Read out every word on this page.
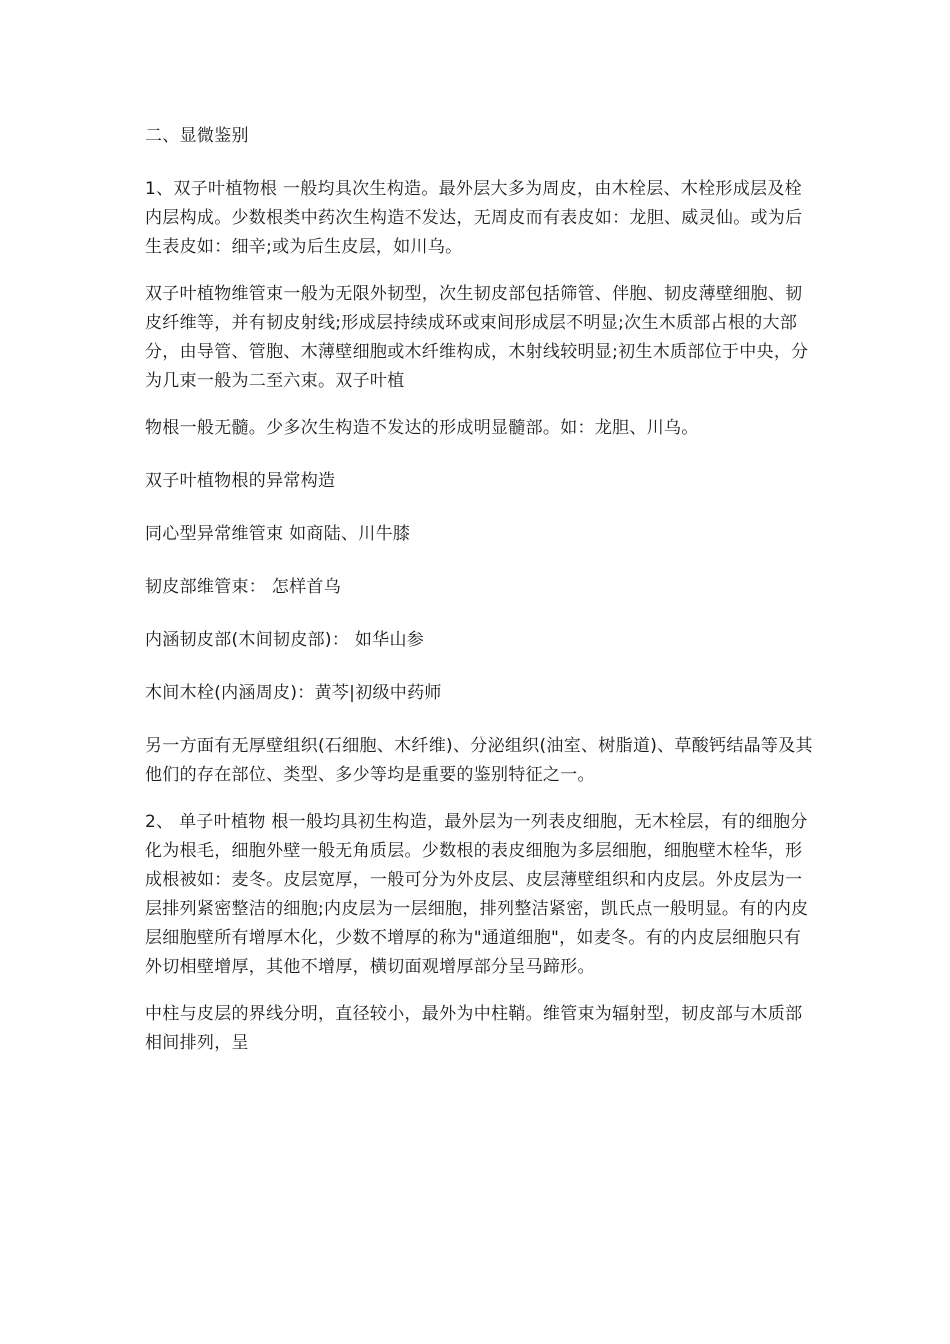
二、显微鉴别

1、双子叶植物根 一般均具次生构造。最外层大多为周皮，由木栓层、木栓形成层及栓内层构成。少数根类中药次生构造不发达，无周皮而有表皮如：龙胆、威灵仙。或为后生表皮如：细辛;或为后生皮层，如川乌。

双子叶植物维管束一般为无限外韧型，次生韧皮部包括筛管、伴胞、韧皮薄壁细胞、韧皮纤维等，并有韧皮射线;形成层持续成环或束间形成层不明显;次生木质部占根的大部分，由导管、管胞、木薄壁细胞或木纤维构成，木射线较明显;初生木质部位于中央，分为几束一般为二至六束。双子叶植

物根一般无髓。少多次生构造不发达的形成明显髓部。如：龙胆、川乌。

双子叶植物根的异常构造

同心型异常维管束 如商陆、川牛膝

韧皮部维管束： 怎样首乌

内涵韧皮部(木间韧皮部)： 如华山参

木间木栓(内涵周皮)：黄芩|初级中药师

另一方面有无厚壁组织(石细胞、木纤维)、分泌组织(油室、树脂道)、草酸钙结晶等及其他们的存在部位、类型、多少等均是重要的鉴别特征之一。

2、 单子叶植物 根一般均具初生构造，最外层为一列表皮细胞，无木栓层，有的细胞分化为根毛，细胞外壁一般无角质层。少数根的表皮细胞为多层细胞，细胞壁木栓华，形成根被如：麦冬。皮层宽厚，一般可分为外皮层、皮层薄壁组织和内皮层。外皮层为一层排列紧密整洁的细胞;内皮层为一层细胞，排列整洁紧密，凯氏点一般明显。有的内皮层细胞壁所有增厚木化，少数不增厚的称为"通道细胞"，如麦冬。有的内皮层细胞只有外切相壁增厚，其他不增厚，横切面观增厚部分呈马蹄形。

中柱与皮层的界线分明，直径较小，最外为中柱鞘。维管束为辐射型，韧皮部与木质部相间排列，呈
